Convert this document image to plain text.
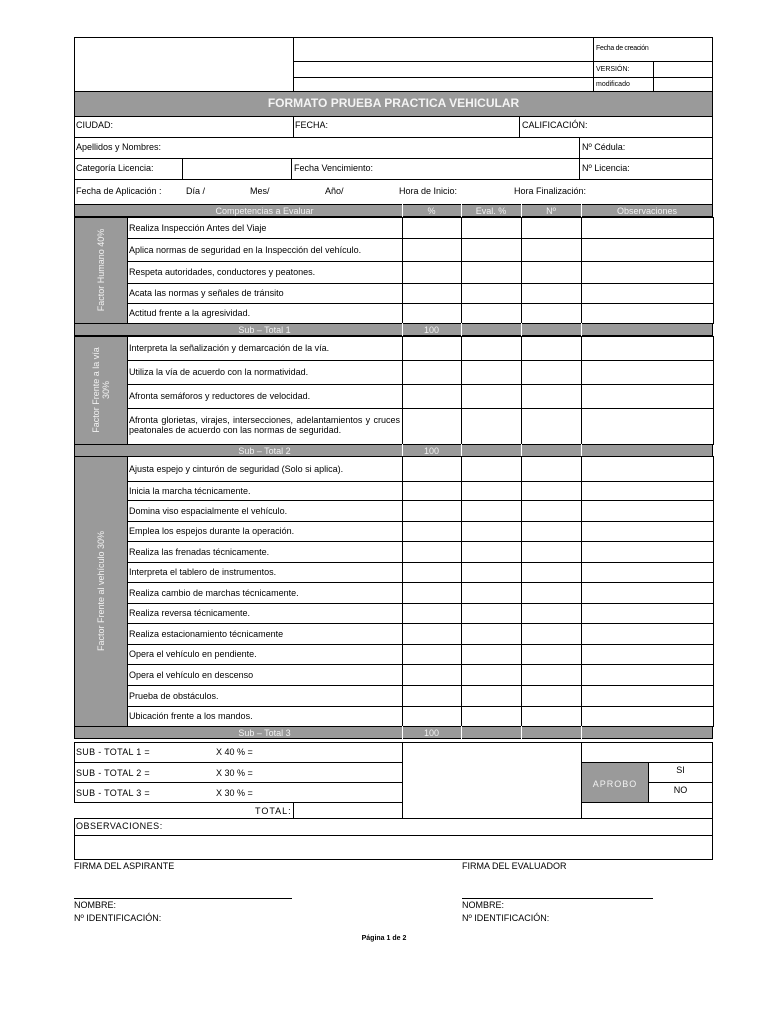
Fecha de creación
VERSIÓN:
modificado
FORMATO PRUEBA PRACTICA VEHICULAR
CIUDAD:	FECHA:	CALIFICACIÓN:
Apellidos y Nombres:	Nº Cédula:
Categoría Licencia:	Fecha Vencimiento:	Nº Licencia:
Fecha de Aplicación :	Día /	Mes/	Año/	Hora de Inicio:	Hora Finalización:
Competencias a Evaluar	%	Eval. %	Nº	Observaciones
Factor Humano 40%
Realiza Inspección Antes del Viaje
Aplica normas de seguridad en la Inspección del vehículo.
Respeta autoridades, conductores y peatones.
Acata las normas y señales de tránsito
Actitud frente a la agresividad.
Sub – Total 1	100
Factor Frente a la vía 30%
Interpreta la señalización y demarcación de la vía.
Utiliza la vía de acuerdo con la normatividad.
Afronta semáforos y reductores de velocidad.
Afronta glorietas, virajes, intersecciones, adelantamientos y cruces peatonales de acuerdo con las normas de seguridad.
Sub – Total 2	100
Factor Frente al vehículo 30%
Ajusta espejo y cinturón de seguridad (Solo si aplica).
Inicia la marcha técnicamente.
Domina viso espacialmente el vehículo.
Emplea los espejos durante la operación.
Realiza las frenadas técnicamente.
Interpreta el tablero de instrumentos.
Realiza cambio de marchas técnicamente.
Realiza reversa técnicamente.
Realiza estacionamiento técnicamente
Opera el vehículo en pendiente.
Opera el vehículo en descenso
Prueba de obstáculos.
Ubicación frente a los mandos.
Sub – Total 3	100
SUB - TOTAL 1 =	X 40 % =
SUB - TOTAL 2 =	X 30 % =
SUB - TOTAL 3 =	X 30 % =
APROBO
SI
NO
TOTAL:
OBSERVACIONES:
FIRMA DEL ASPIRANTE	FIRMA DEL EVALUADOR
NOMBRE:
Nº IDENTIFICACIÓN:
NOMBRE:
Nº IDENTIFICACIÓN:
Página 1 de 2
